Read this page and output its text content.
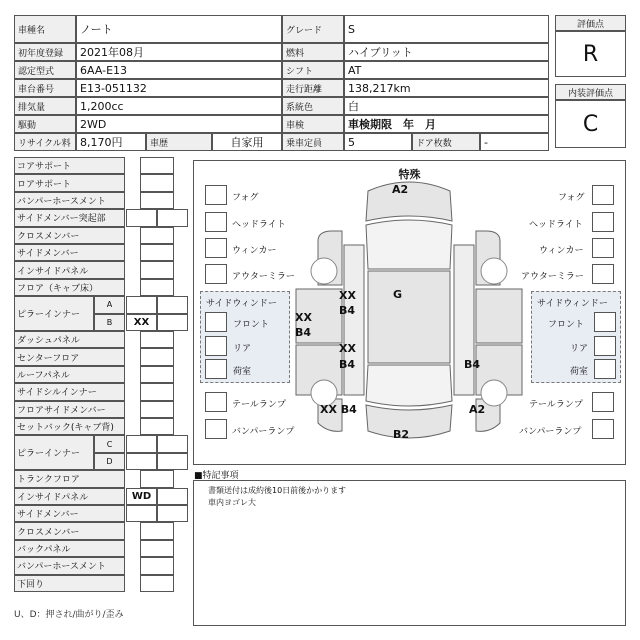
車種名	ノート	グレード	S
初年度登録	2021年08月	燃料	ハイブリット
認定型式	6AA-E13	シフト	AT
車台番号	E13-051132	走行距離	138,217km
排気量	1,200cc	系統色	白
駆動	2WD	車検	車検期限　年　月
リサイクル料 8,170円	車歴	自家用	乗車定員	5	ドア枚数	-
評価点
R
内装評価点
C
コアサポート
ロアサポート
バンパーホースメント
サイドメンバー突起部
クロスメンバー
サイドメンバー
インサイドパネル
フロア（キャブ床）
ピラーインナー
A
B	XX
ダッシュパネル
センターフロア
ルーフパネル
サイドシルインナー
フロアサイドメンバー
セットバック(キャブ背)
ピラーインナー
C
D
トランクフロア
インサイドパネル	WD
サイドメンバー
クロスメンバー
バックパネル
バンパーホースメント
下回り
U、D：押され/曲がり/歪み
特殊
A2
G
B2
XX
B4
XX
B4
XX
B4
XX B4
B4
A2
フォグ
ヘッドライト
ウィンカー
アウターミラー
フォグ
ヘッドライト
ウィンカー
アウターミラー
サイドウィンドー
フロント
リア
荷室
サイドウィンドー
フロント
リア
荷室
テールランプ
バンパーランプ
テールランプ
バンパーランプ
■特記事項
書類送付は成約後10日前後かかります
車内ヨゴレ大
